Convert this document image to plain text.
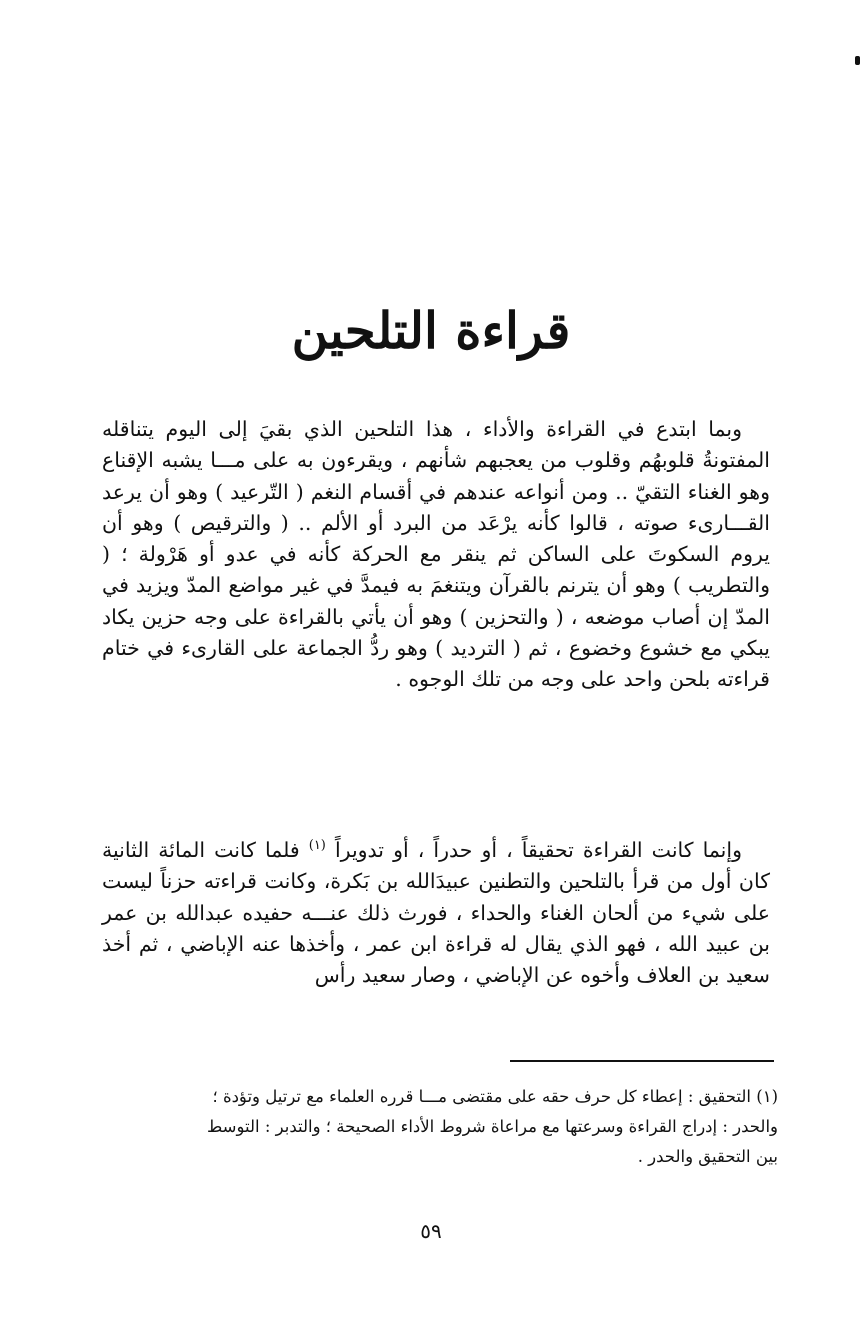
قراءة التلحين

وبما ابتدع في القراءة والأداء ، هذا التلحين الذي بقيَ إلى اليوم يتناقله المفتونةُ قلوبهُم وقلوب من يعجبهم شأنهم ، ويقرءون به على مـــا يشبه الإقناع وهو الغناء التقيّ .. ومن أنواعه عندهم في أقسام النغم ( التّرعيد ) وهو أن يرعد القـــارىء صوته ، قالوا كأنه يرْعَد من البرد أو الألم .. ( والترقيص ) وهو أن يروم السكوتَ على الساكن ثم ينقر مع الحركة كأنه في عدو أو هَرْولة ؛ ( والتطريب ) وهو أن يترنم بالقرآن ويتنغمَ به فيمدَّ في غير مواضع المدّ ويزيد في المدّ إن أصاب موضعه ، ( والتحزين ) وهو أن يأتي بالقراءة على وجه حزين يكاد يبكي مع خشوع وخضوع ، ثم ( الترديد ) وهو ردُّ الجماعة على القارىء في ختام قراءته بلحن واحد على وجه من تلك الوجوه .

وإنما كانت القراءة تحقيقاً ، أو حدراً ، أو تدويراً $^{(١)}$ فلما كانت المائة الثانية كان أول من قرأ بالتلحين والتطنين عبيدَالله بن بَكرة، وكانت قراءته حزناً ليست على شيء من ألحان الغناء والحداء ، فورث ذلك عنـــه حفيده عبدالله بن عمر بن عبيد الله ، فهو الذي يقال له قراءة ابن عمر ، وأخذها عنه الإباضي ، ثم أخذ سعيد بن العلاف وأخوه عن الإباضي ، وصار سعيد رأس

(١) التحقيق : إعطاء كل حرف حقه على مقتضى مـــا قرره العلماء مع ترتيل وتؤدة ؛
والحدر : إدراج القراءة وسرعتها مع مراعاة شروط الأداء الصحيحة ؛ والتدبر : التوسط
بين التحقيق والحدر .

٥٩
